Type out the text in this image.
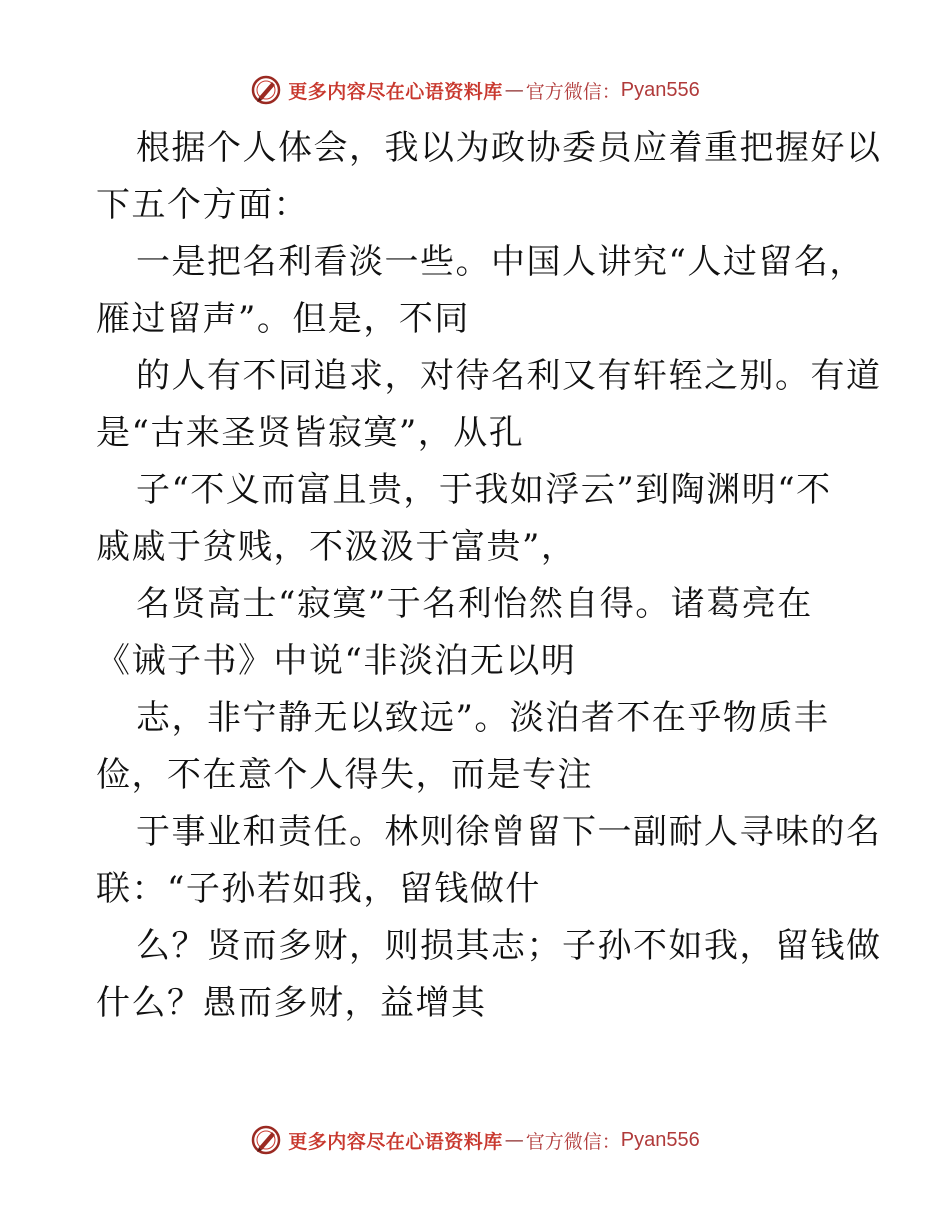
更多内容尽在心语资料库 — 官方微信： Pyan556
根据个人体会，我以为政协委员应着重把握好以
下五个方面：
一是把名利看淡一些。中国人讲究“人过留名，
雁过留声”。但是，不同
的人有不同追求，对待名利又有轩轾之别。有道
是“古来圣贤皆寂寞”，从孔
子“不义而富且贵，于我如浮云”到陶渊明“不
戚戚于贫贱，不汲汲于富贵”，
名贤高士“寂寞”于名利怡然自得。诸葛亮在
《诫子书》中说“非淡泊无以明
志，非宁静无以致远”。淡泊者不在乎物质丰
俭，不在意个人得失，而是专注
于事业和责任。林则徐曾留下一副耐人寻味的名
联：“子孙若如我，留钱做什
么？贤而多财，则损其志；子孙不如我，留钱做
什么？愚而多财，益增其
更多内容尽在心语资料库 — 官方微信： Pyan556
